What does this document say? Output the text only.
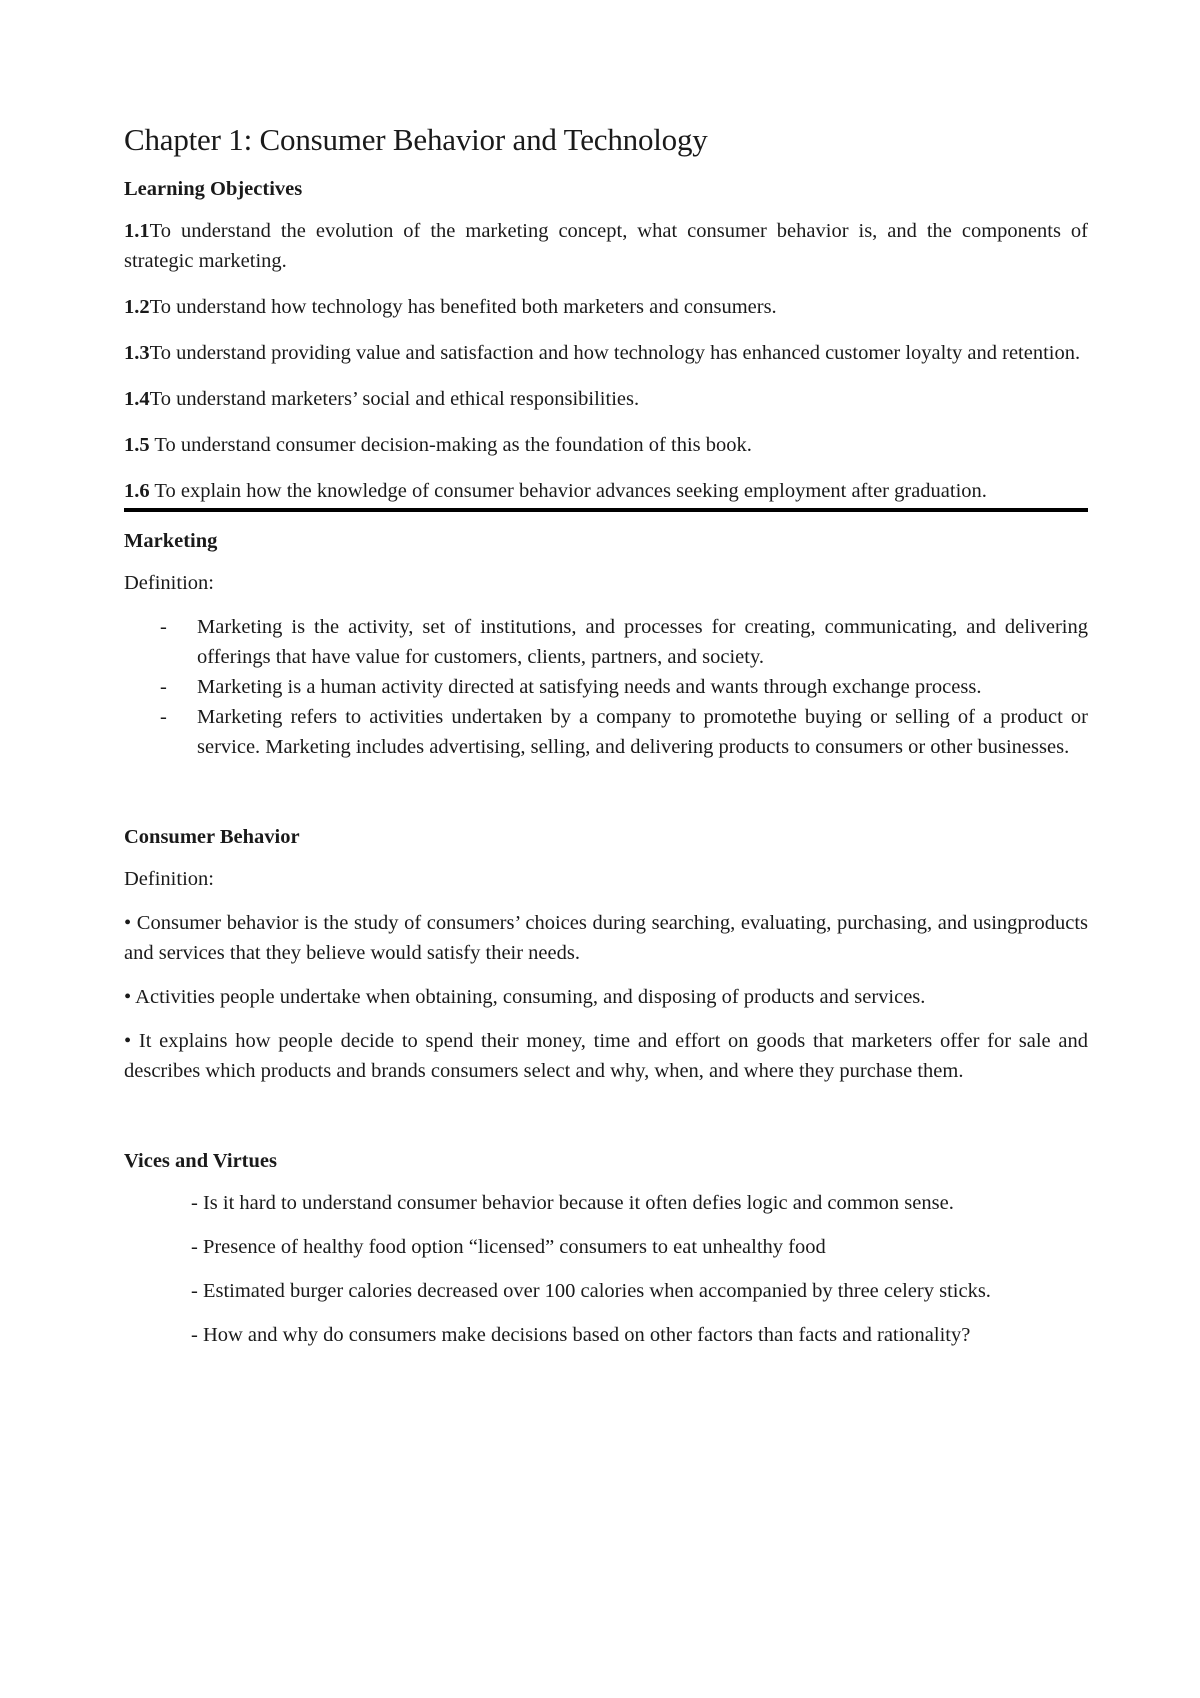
Chapter 1: Consumer Behavior and Technology
Learning Objectives

1.1To understand the evolution of the marketing concept, what consumer behavior is, and the components of strategic marketing.

1.2To understand how technology has benefited both marketers and consumers.

1.3To understand providing value and satisfaction and how technology has enhanced customer loyalty and retention.

1.4To understand marketers’ social and ethical responsibilities.

1.5 To understand consumer decision-making as the foundation of this book.

1.6 To explain how the knowledge of consumer behavior advances seeking employment after graduation.

Marketing

Definition:

- Marketing is the activity, set of institutions, and processes for creating, communicating, and delivering offerings that have value for customers, clients, partners, and society.
- Marketing is a human activity directed at satisfying needs and wants through exchange process.
- Marketing refers to activities undertaken by a company to promotethe buying or selling of a product or service. Marketing includes advertising, selling, and delivering products to consumers or other businesses.
Consumer Behavior

Definition:

• Consumer behavior is the study of consumers’ choices during searching, evaluating, purchasing, and usingproducts and services that they believe would satisfy their needs.

• Activities people undertake when obtaining, consuming, and disposing of products and services.

• It explains how people decide to spend their money, time and effort on goods that marketers offer for sale and describes which products and brands consumers select and why, when, and where they purchase them.

Vices and Virtues

- Is it hard to understand consumer behavior because it often defies logic and common sense.

- Presence of healthy food option “licensed” consumers to eat unhealthy food

- Estimated burger calories decreased over 100 calories when accompanied by three celery sticks.

- How and why do consumers make decisions based on other factors than facts and rationality?
